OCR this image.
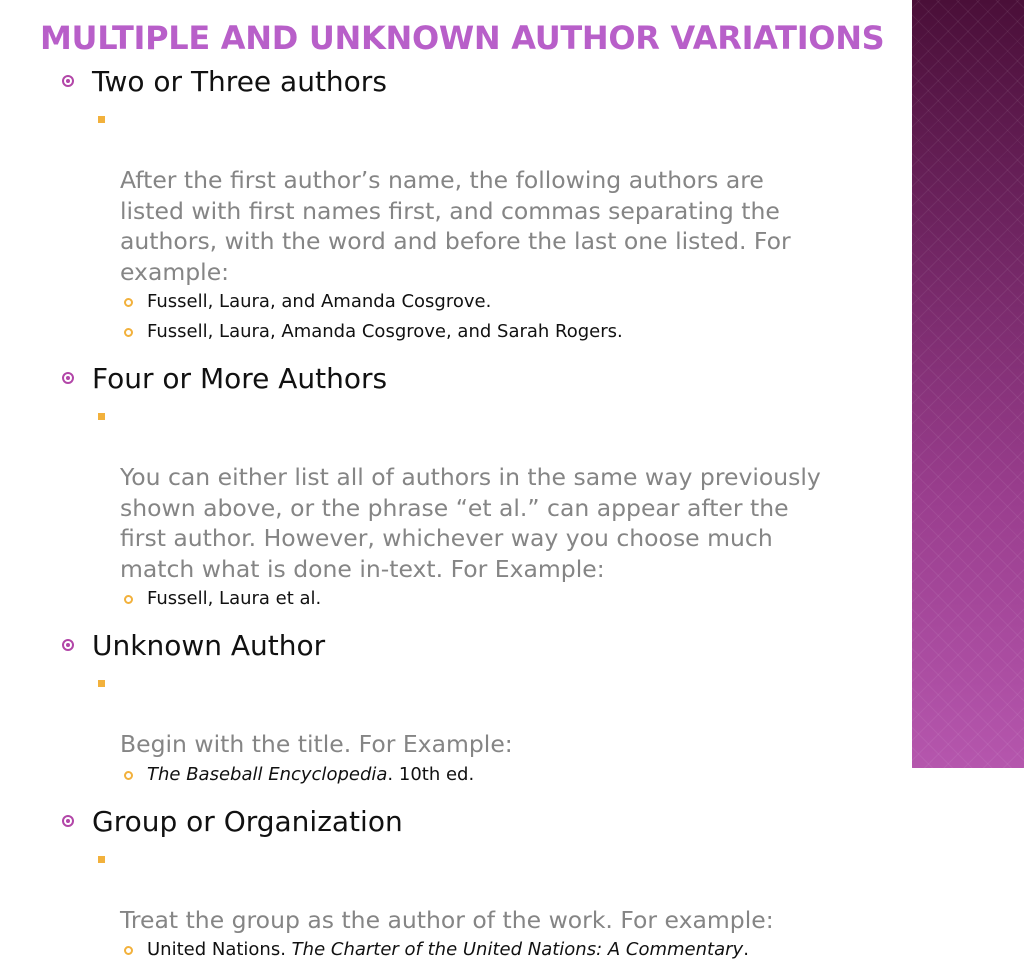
MULTIPLE AND UNKNOWN AUTHOR VARIATIONS
Two or Three authors

After the first author’s name, the following authors are
listed with first names first, and commas separating the
authors, with the word and before the last one listed. For
example:

Fussell, Laura, and Amanda Cosgrove.
Fussell, Laura, Amanda Cosgrove, and Sarah Rogers.
Four or More Authors

You can either list all of authors in the same way previously
shown above, or the phrase “et al.” can appear after the
first author. However, whichever way you choose much
match what is done in-text. For Example:

Fussell, Laura et al.
Unknown Author

Begin with the title. For Example:

The Baseball Encyclopedia. 10th ed.
Group or Organization

Treat the group as the author of the work. For example:

United Nations. The Charter of the United Nations: A Commentary.
